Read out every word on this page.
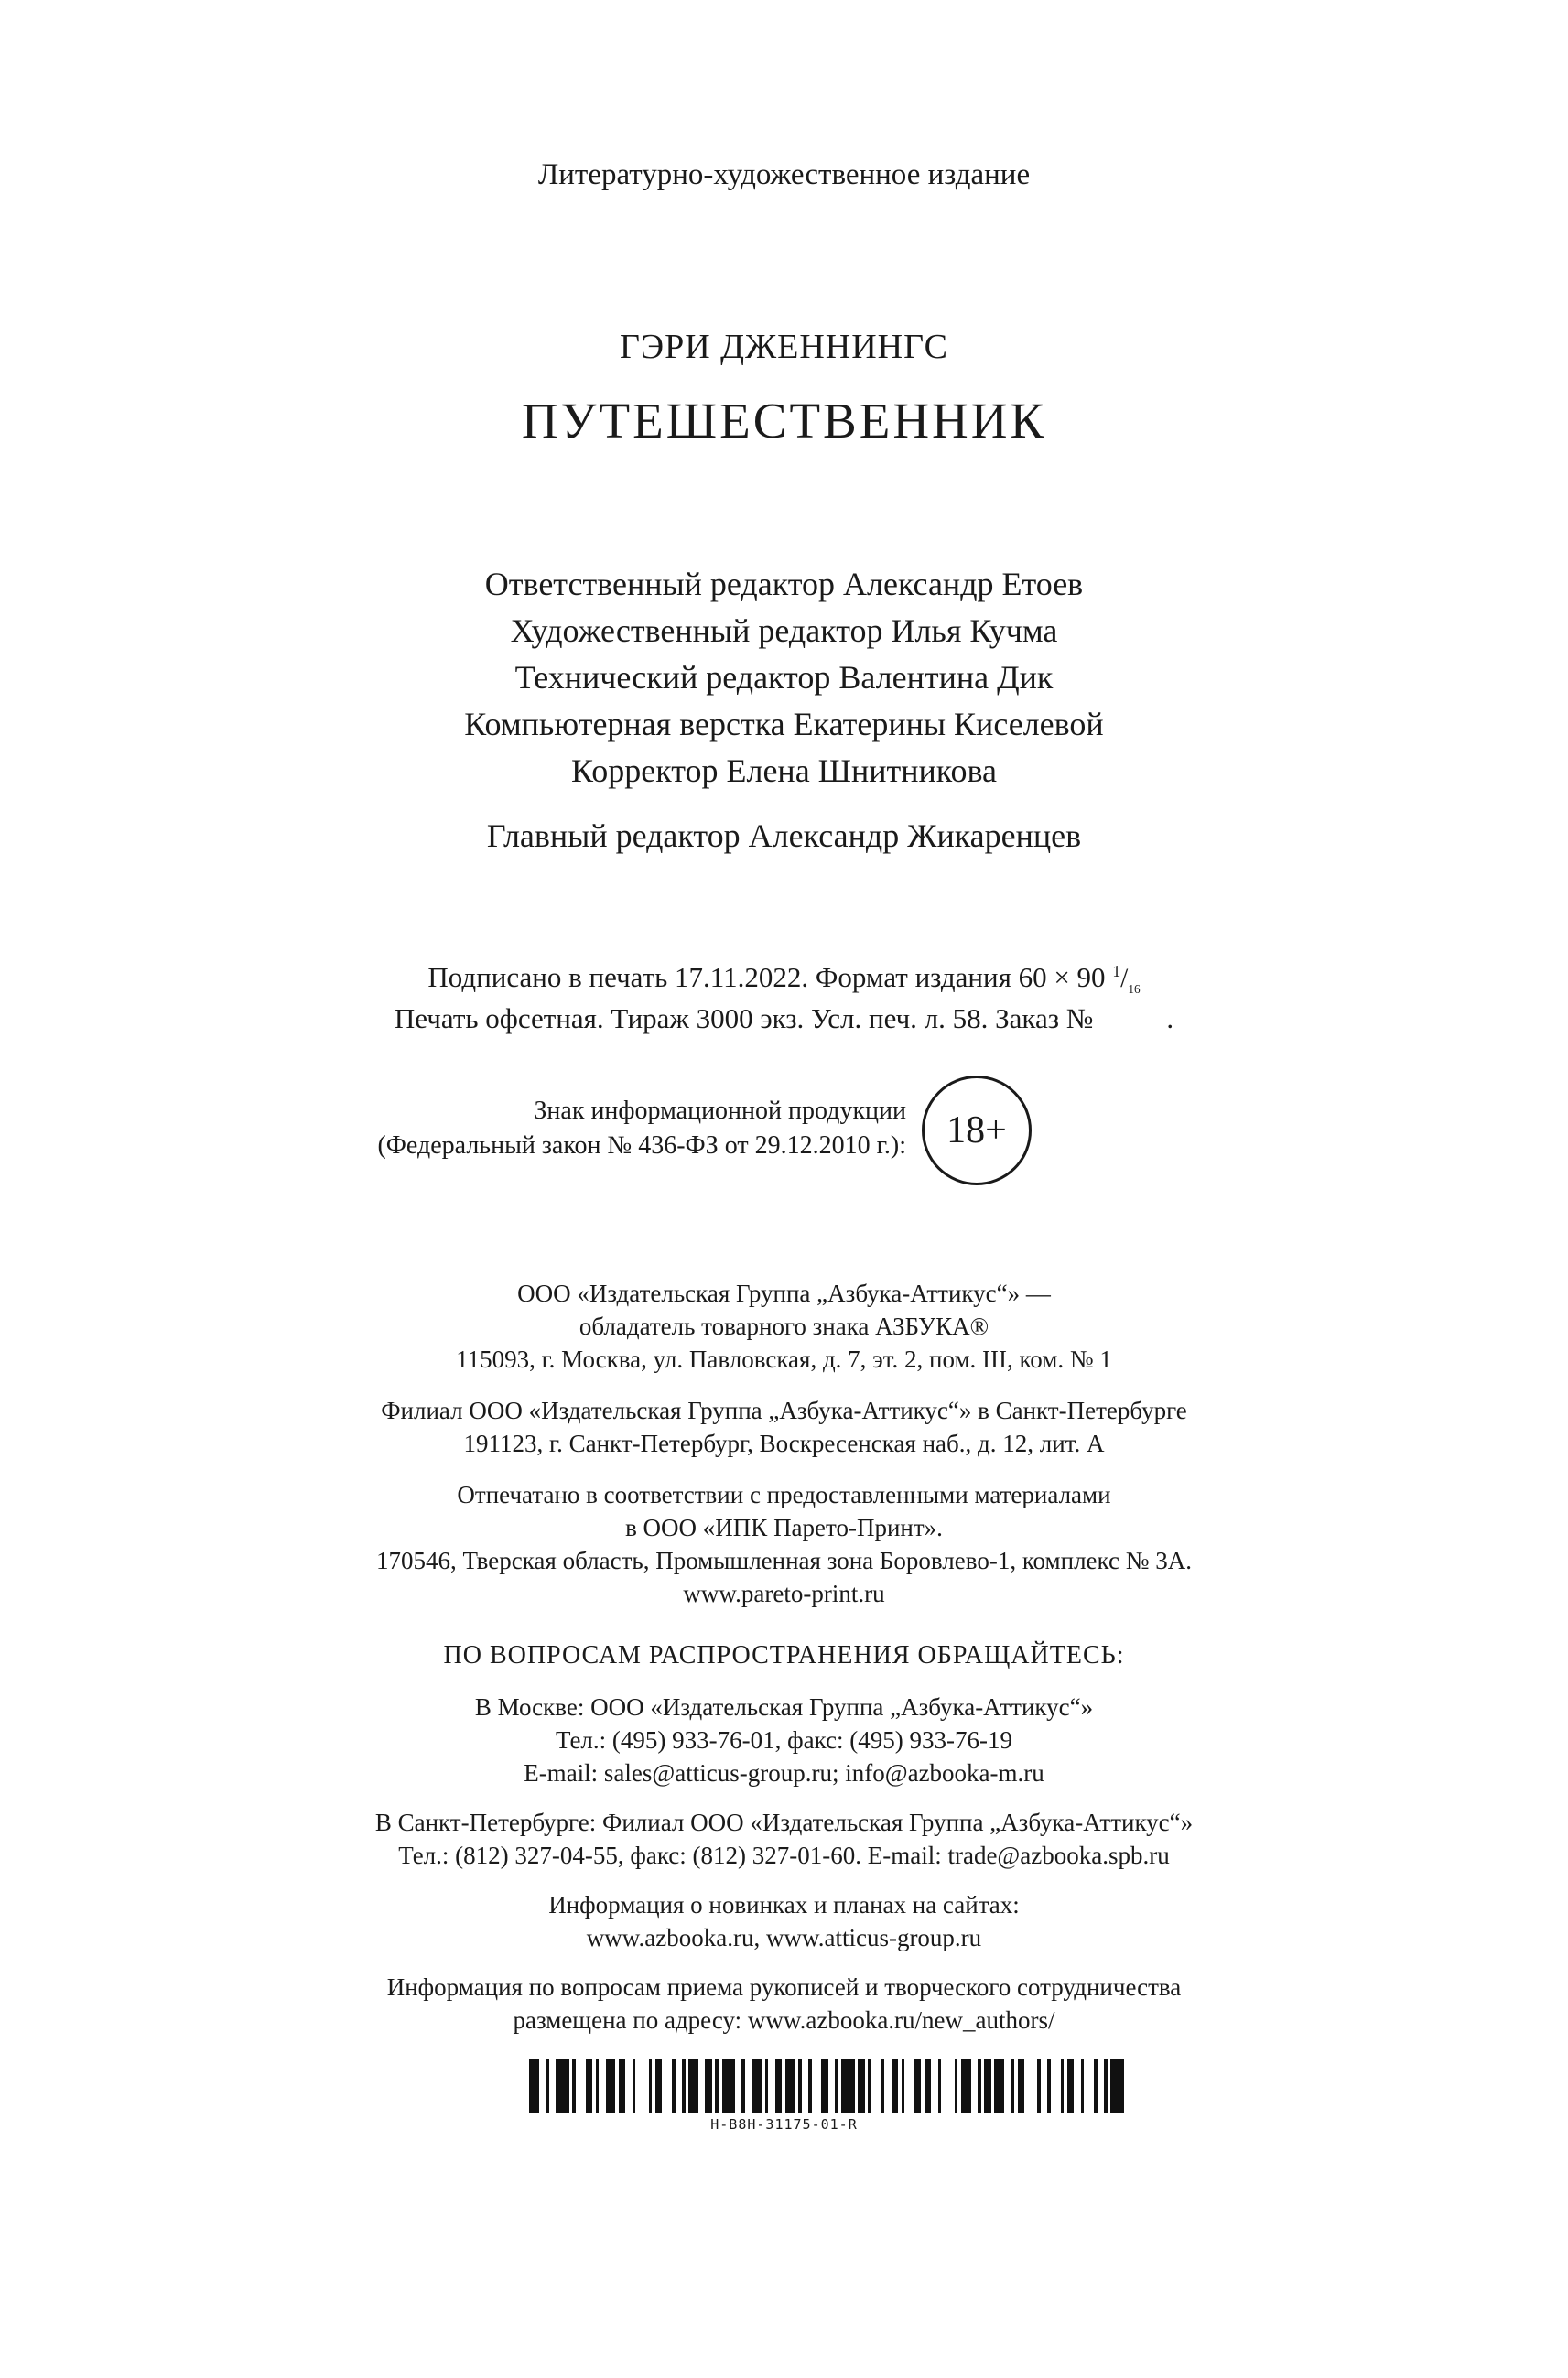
Литературно-художественное издание
ГЭРИ ДЖЕННИНГС
ПУТЕШЕСТВЕННИК
Ответственный редактор Александр Етоев
Художественный редактор Илья Кучма
Технический редактор Валентина Дик
Компьютерная верстка Екатерины Киселевой
Корректор Елена Шнитникова
Главный редактор Александр Жикаренцев
Подписано в печать 17.11.2022. Формат издания 60 × 90 $^1/_{16}$
Печать офсетная. Тираж 3000 экз. Усл. печ. л. 58. Заказ №	.
Знак информационной продукции
(Федеральный закон № 436-ФЗ от 29.12.2010 г.): 18+
ООО «Издательская Группа „Азбука-Аттикус“» —
обладатель товарного знака АЗБУКА®
115093, г. Москва, ул. Павловская, д. 7, эт. 2, пом. III, ком. № 1
Филиал ООО «Издательская Группа „Азбука-Аттикус“» в Санкт-Петербурге
191123, г. Санкт-Петербург, Воскресенская наб., д. 12, лит. А
Отпечатано в соответствии с предоставленными материалами
в ООО «ИПК Парето-Принт».
170546, Тверская область, Промышленная зона Боровлево-1, комплекс № 3А.
www.pareto-print.ru
ПО ВОПРОСАМ РАСПРОСТРАНЕНИЯ ОБРАЩАЙТЕСЬ:
В Москве: ООО «Издательская Группа „Азбука-Аттикус“»
Тел.: (495) 933-76-01, факс: (495) 933-76-19
E-mail: sales@atticus-group.ru; info@azbooka-m.ru
В Санкт-Петербурге: Филиал ООО «Издательская Группа „Азбука-Аттикус“»
Тел.: (812) 327-04-55, факс: (812) 327-01-60. E-mail: trade@azbooka.spb.ru
Информация о новинках и планах на сайтах:
www.azbooka.ru, www.atticus-group.ru
Информация по вопросам приема рукописей и творческого сотрудничества
размещена по адресу: www.azbooka.ru/new_authors/
H-B8H-31175-01-R
